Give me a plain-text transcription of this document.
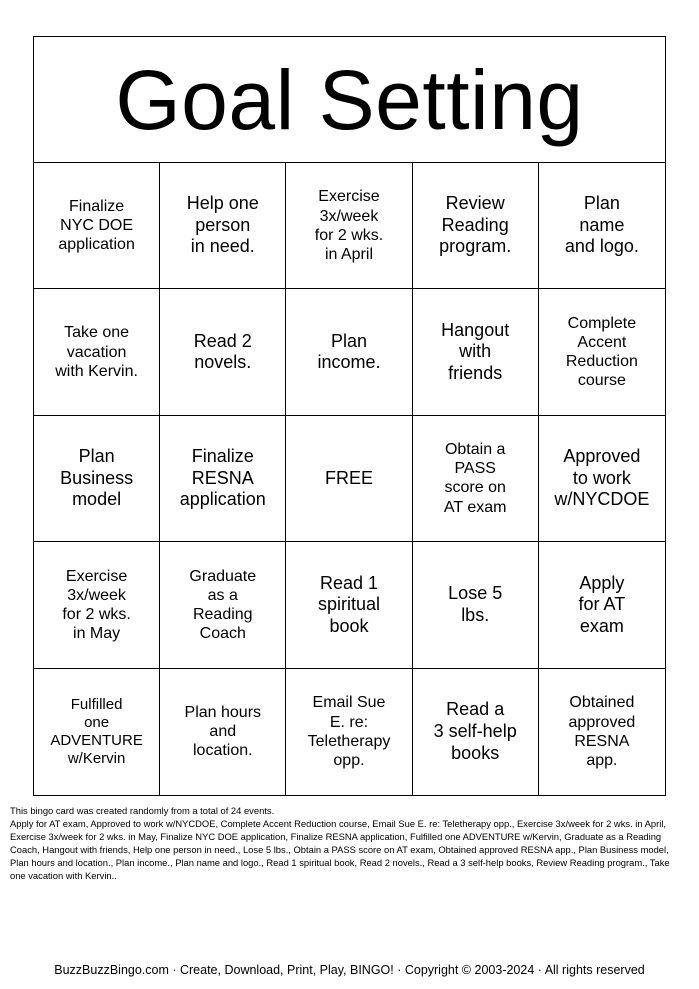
Goal Setting
Finalize
NYC DOE
application
Help one
person
in need.
Exercise
3x/week
for 2 wks.
in April
Review
Reading
program.
Plan
name
and logo.
Take one
vacation
with Kervin.
Read 2
novels.
Plan
income.
Hangout
with
friends
Complete
Accent
Reduction
course
Plan
Business
model
Finalize
RESNA
application
FREE
Obtain a
PASS
score on
AT exam
Approved
to work
w/NYCDOE
Exercise
3x/week
for 2 wks.
in May
Graduate
as a
Reading
Coach
Read 1
spiritual
book
Lose 5
lbs.
Apply
for AT
exam
Fulfilled
one
ADVENTURE
w/Kervin
Plan hours
and
location.
Email Sue
E. re:
Teletherapy
opp.
Read a
3 self-help
books
Obtained
approved
RESNA
app.

This bingo card was created randomly from a total of 24 events.

Apply for AT exam, Approved to work w/NYCDOE, Complete Accent Reduction course, Email Sue E. re: Teletherapy opp., Exercise 3x/week for 2 wks. in April, Exercise 3x/week for 2 wks. in May, Finalize NYC DOE application, Finalize RESNA application, Fulfilled one ADVENTURE w/Kervin, Graduate as a Reading Coach, Hangout with friends, Help one person in need., Lose 5 lbs., Obtain a PASS score on AT exam, Obtained approved RESNA app., Plan Business model, Plan hours and location., Plan income., Plan name and logo., Read 1 spiritual book, Read 2 novels., Read a 3 self-help books, Review Reading program., Take one vacation with Kervin..

BuzzBuzzBingo.com · Create, Download, Print, Play, BINGO! · Copyright © 2003-2024 · All rights reserved
